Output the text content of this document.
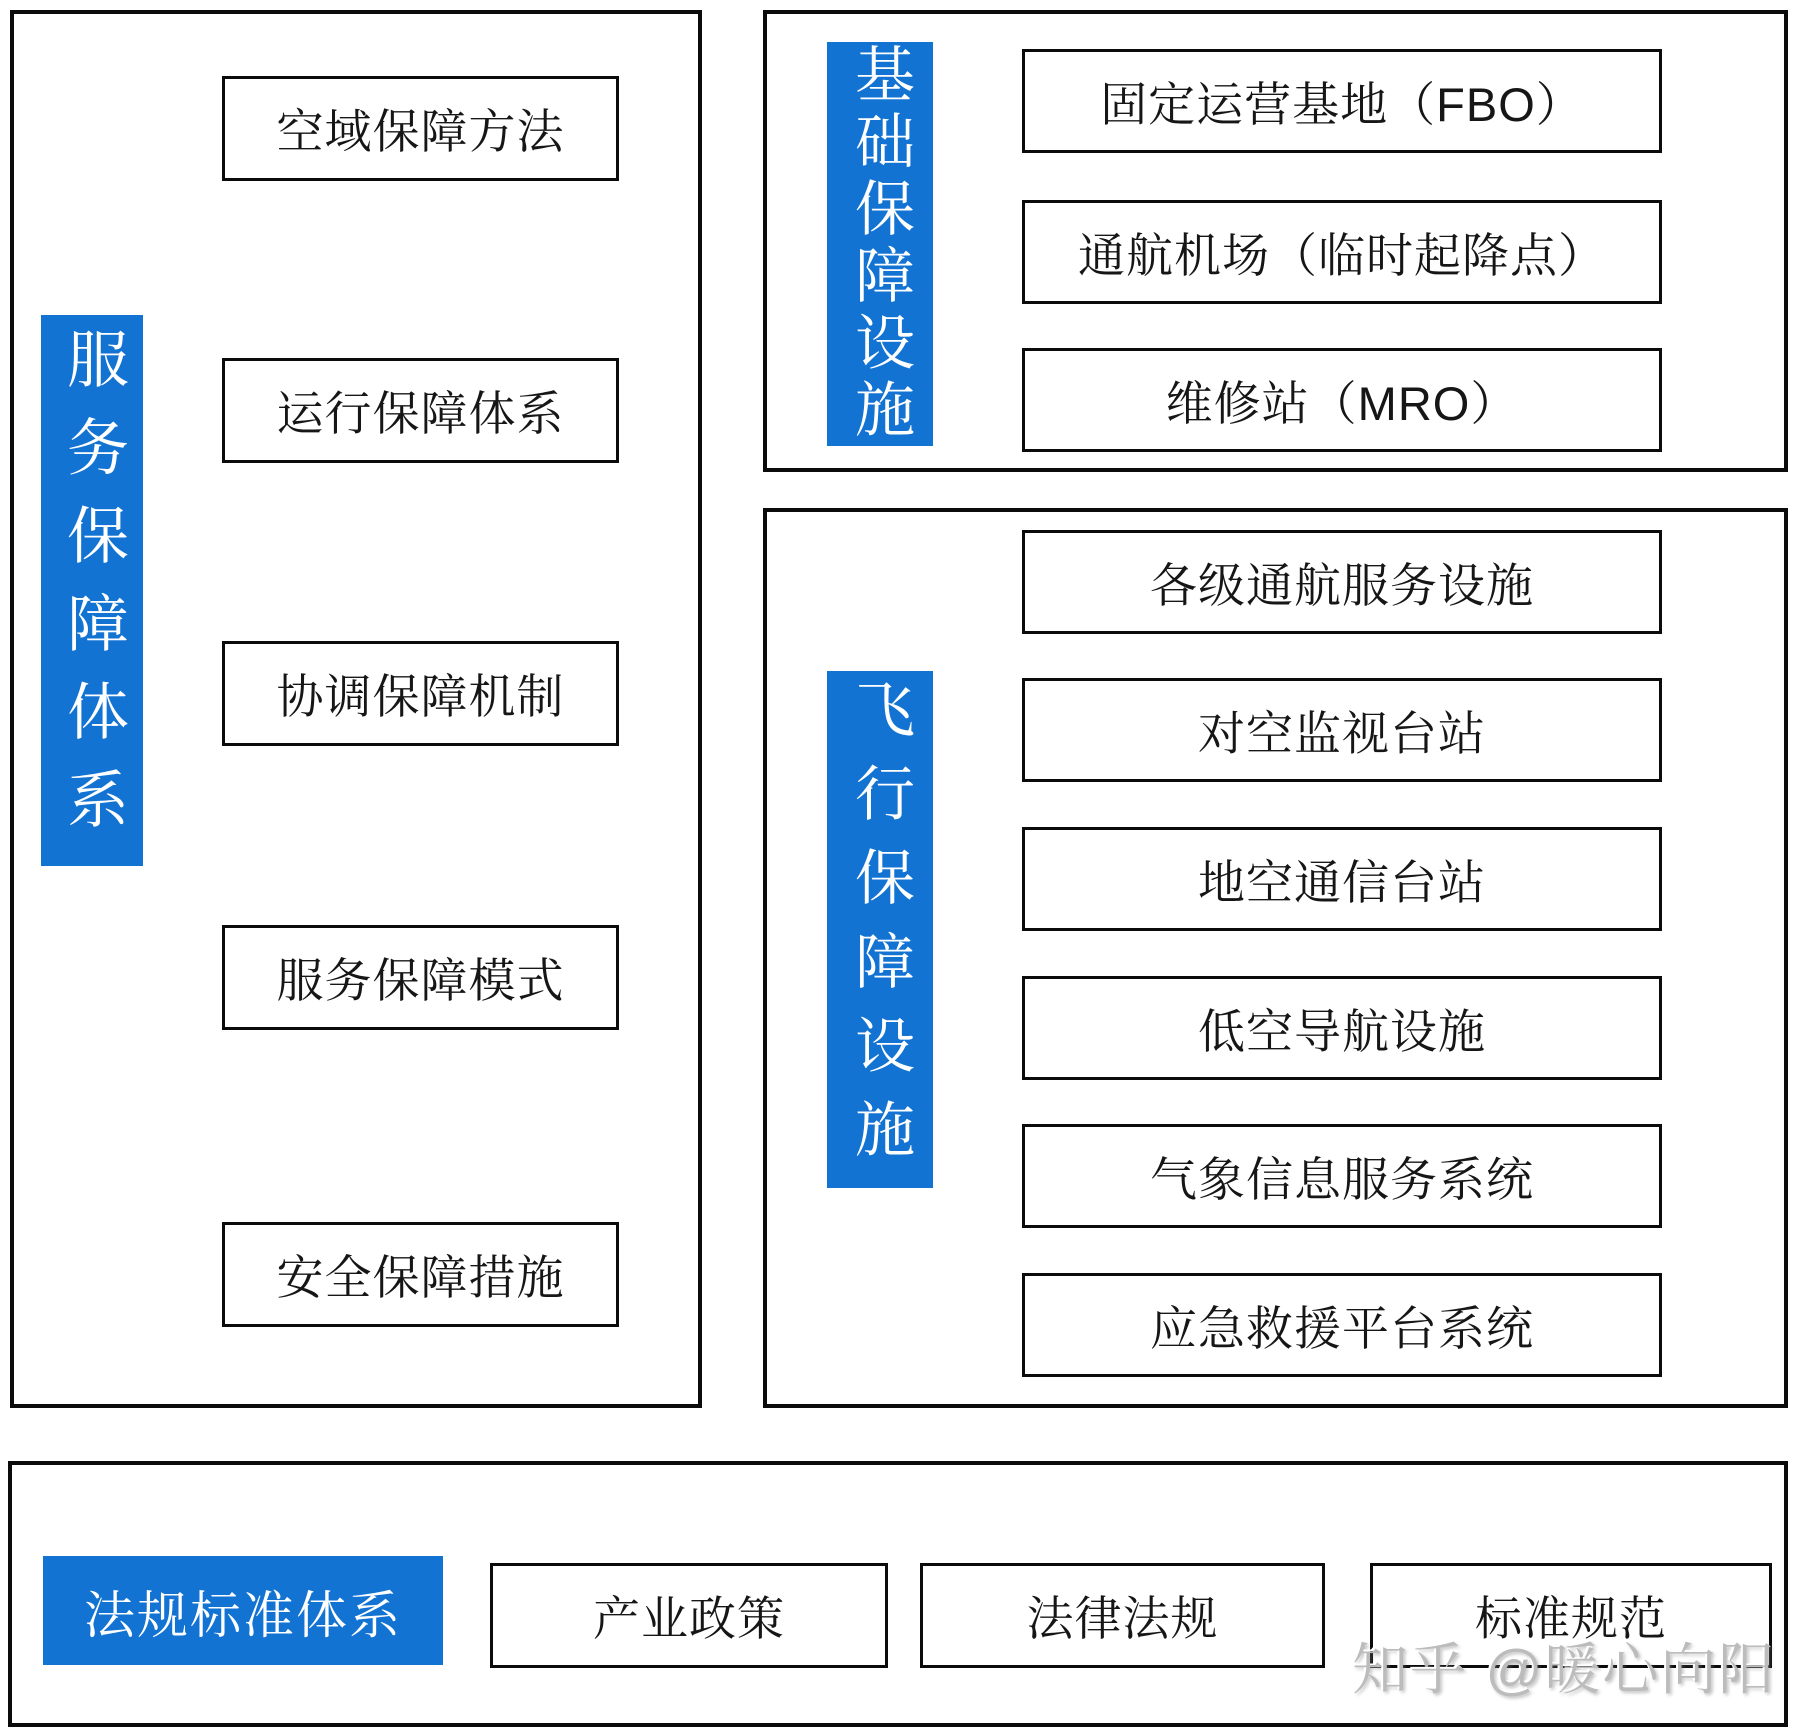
服务保障体系
空域保障方法
运行保障体系
协调保障机制
服务保障模式
安全保障措施
基础保障设施	固定运营基地（FBO）
通航机场（临时起降点）
维修站（MRO）
飞行保障设施
各级通航服务设施
对空监视台站
地空通信台站
低空导航设施
气象信息服务系统
应急救援平台系统
法规标准体系	产业政策	法律法规	标准规范
知乎 @暖心向阳
